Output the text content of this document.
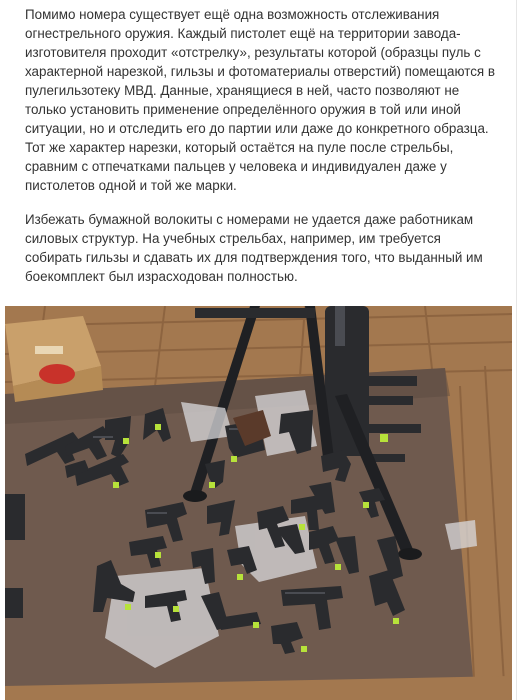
Помимо номера существует ещё одна возможность отслеживания огнестрельного оружия. Каждый пистолет ещё на территории завода-изготовителя проходит «отстрелку», результаты которой (образцы пуль с характерной нарезкой, гильзы и фотоматериалы отверстий) помещаются в пулегильзотеку МВД. Данные, хранящиеся в ней, часто позволяют не только установить применение определённого оружия в той или иной ситуации, но и отследить его до партии или даже до конкретного образца. Тот же характер нарезки, который остаётся на пуле после стрельбы, сравним с отпечатками пальцев у человека и индивидуален даже у пистолетов одной и той же марки.

Избежать бумажной волокиты с номерами не удается даже работникам силовых структур. На учебных стрельбах, например, им требуется собирать гильзы и сдавать их для подтверждения того, что выданный им боекомплект был израсходован полностью.
